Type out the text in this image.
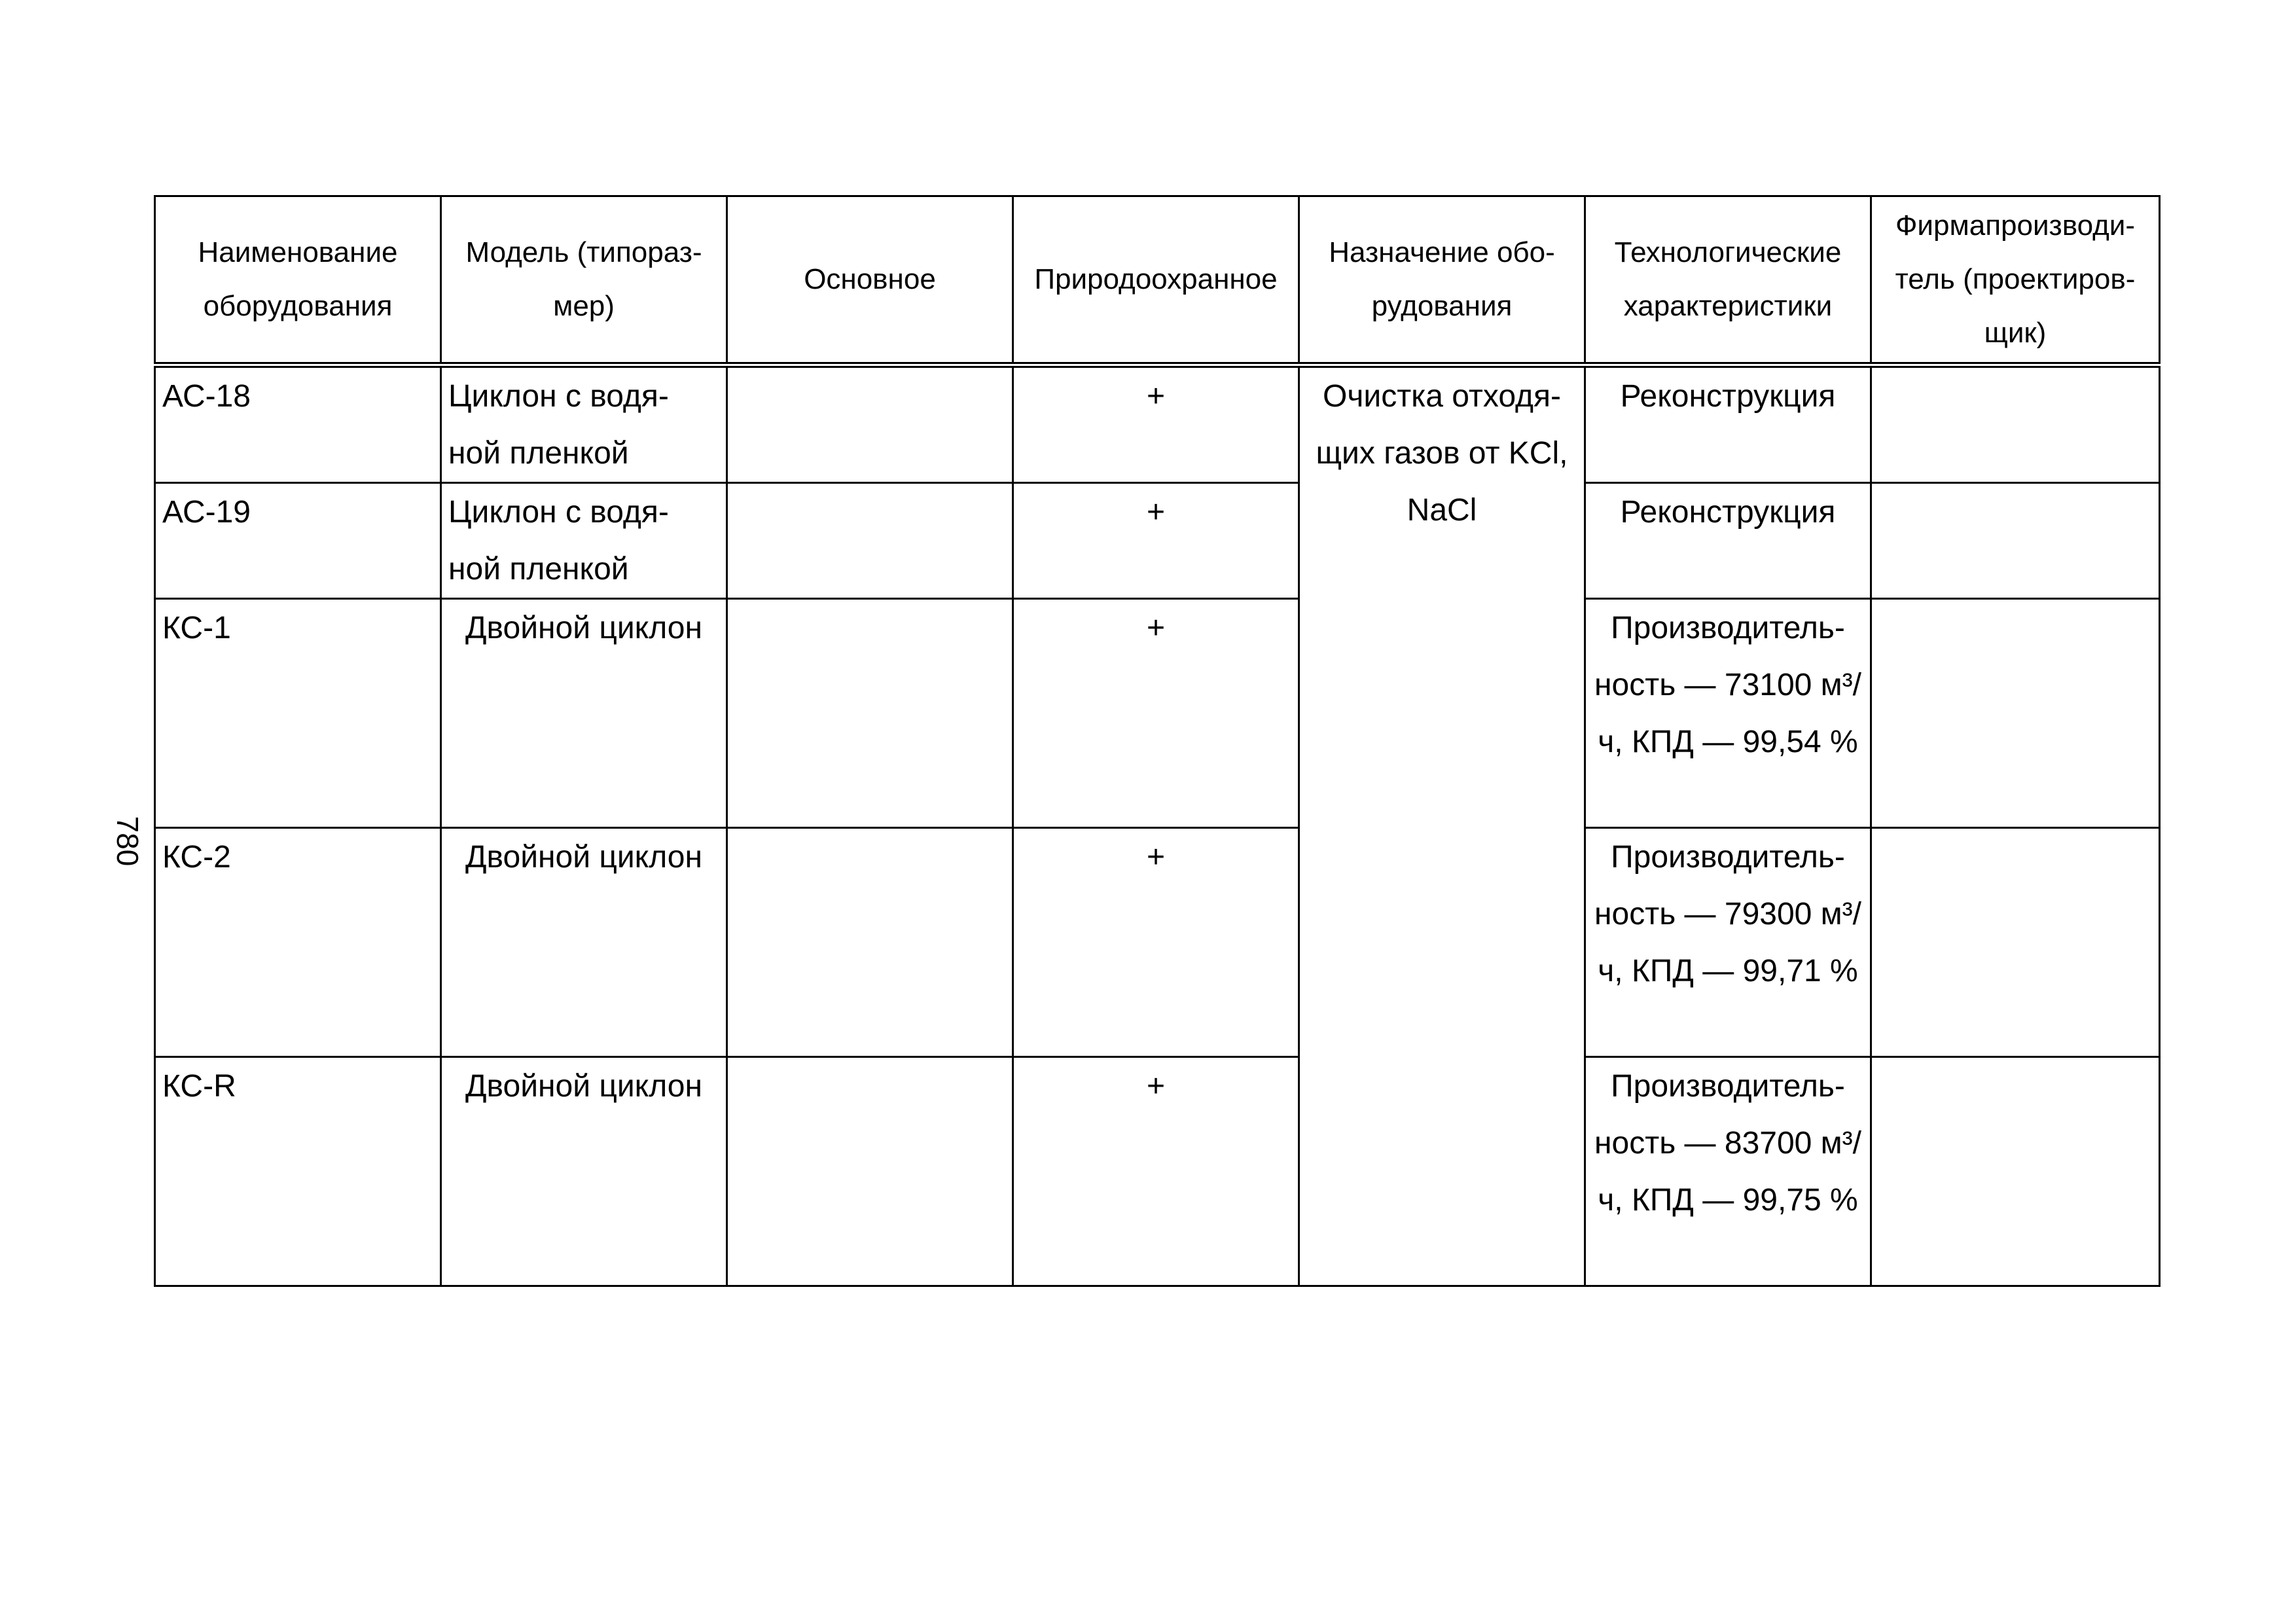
780
Наименование оборудования	Модель (типораз-мер)	Основное	Природоохранное	Назначение обо-рудования	Технологические характеристики	Фирмапроизводи-тель (проектиров-щик)
АС-18	Циклон с водя-ной пленкой		+	Очистка отходя-щих газов от KCl, NaCl	Реконструкция	
АС-19	Циклон с водя-ной пленкой		+		Реконструкция	
КС-1	Двойной циклон		+		Производитель-ность — 73100 м³/ч, КПД — 99,54 %	
КС-2	Двойной циклон		+		Производитель-ность — 79300 м³/ч, КПД — 99,71 %	
КС-R	Двойной циклон		+		Производитель-ность — 83700 м³/ч, КПД — 99,75 %	
